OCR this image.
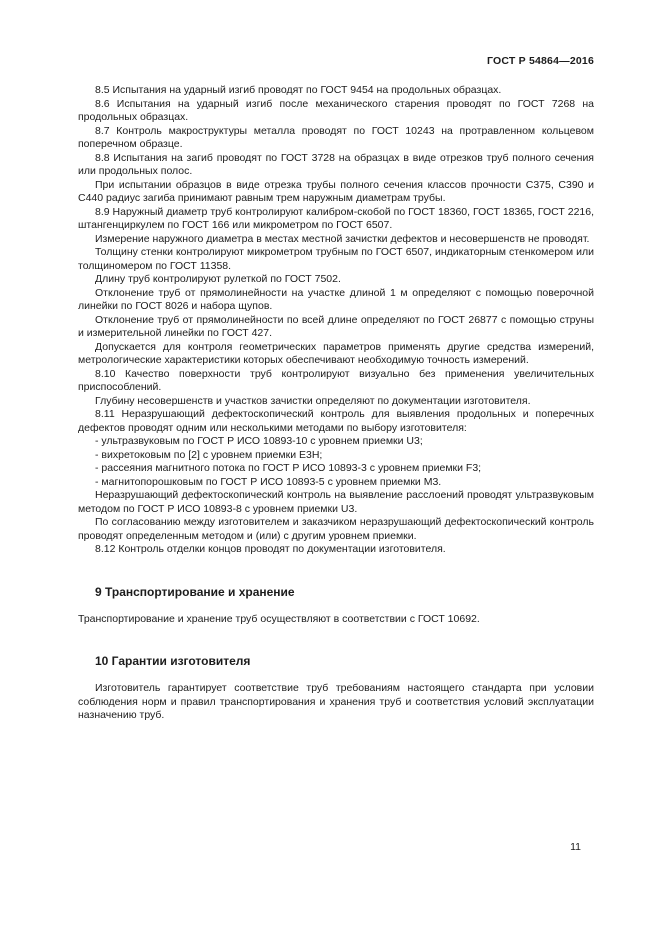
ГОСТ Р 54864—2016

8.5 Испытания на ударный изгиб проводят по ГОСТ 9454 на продольных образцах.

8.6 Испытания на ударный изгиб после механического старения проводят по ГОСТ 7268 на продольных образцах.

8.7 Контроль макроструктуры металла проводят по ГОСТ 10243 на протравленном кольцевом поперечном образце.

8.8 Испытания на загиб проводят по ГОСТ 3728 на образцах в виде отрезков труб полного сечения или продольных полос.

При испытании образцов в виде отрезка трубы полного сечения классов прочности С375, С390 и С440 радиус загиба принимают равным трем наружным диаметрам трубы.

8.9 Наружный диаметр труб контролируют калибром-скобой по ГОСТ 18360, ГОСТ 18365, ГОСТ 2216, штангенциркулем по ГОСТ 166 или микрометром по ГОСТ 6507.

Измерение наружного диаметра в местах местной зачистки дефектов и несовершенств не проводят.

Толщину стенки контролируют микрометром трубным по ГОСТ 6507, индикаторным стенкомером или толщиномером по ГОСТ 11358.

Длину труб контролируют рулеткой по ГОСТ 7502.

Отклонение труб от прямолинейности на участке длиной 1 м определяют с помощью поверочной линейки по ГОСТ 8026 и набора щупов.

Отклонение труб от прямолинейности по всей длине определяют по ГОСТ 26877 с помощью струны и измерительной линейки по ГОСТ 427.

Допускается для контроля геометрических параметров применять другие средства измерений, метрологические характеристики которых обеспечивают необходимую точность измерений.

8.10 Качество поверхности труб контролируют визуально без применения увеличительных приспособлений.

Глубину несовершенств и участков зачистки определяют по документации изготовителя.

8.11 Неразрушающий дефектоскопический контроль для выявления продольных и поперечных дефектов проводят одним или несколькими методами по выбору изготовителя:

- ультразвуковым по ГОСТ Р ИСО 10893-10 с уровнем приемки U3;

- вихретоковым по [2] с уровнем приемки E3H;

- рассеяния магнитного потока по ГОСТ Р ИСО 10893-3 с уровнем приемки F3;

- магнитопорошковым по ГОСТ Р ИСО 10893-5 с уровнем приемки M3.

Неразрушающий дефектоскопический контроль на выявление расслоений проводят ультразвуковым методом по ГОСТ Р ИСО 10893-8 с уровнем приемки U3.

По согласованию между изготовителем и заказчиком неразрушающий дефектоскопический контроль проводят определенным методом и (или) с другим уровнем приемки.

8.12 Контроль отделки концов проводят по документации изготовителя.

9 Транспортирование и хранение

Транспортирование и хранение труб осуществляют в соответствии с ГОСТ 10692.

10 Гарантии изготовителя

Изготовитель гарантирует соответствие труб требованиям настоящего стандарта при условии соблюдения норм и правил транспортирования и хранения труб и соответствия условий эксплуатации назначению труб.

11
